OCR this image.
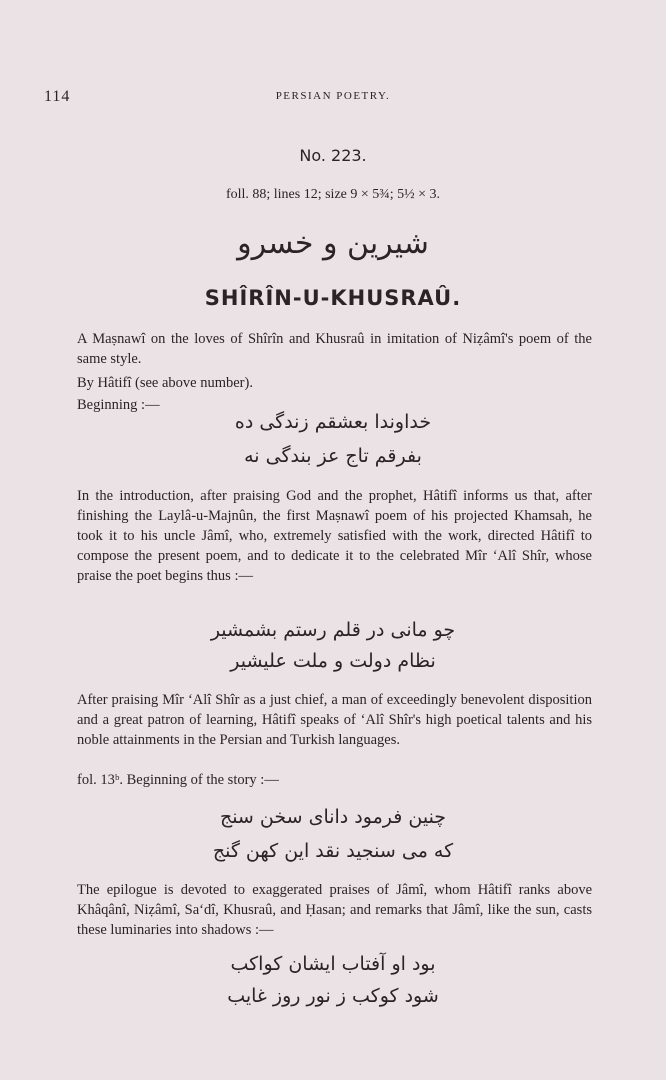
114	PERSIAN POETRY.
No. 223.
foll. 88; lines 12; size 9 × 5¾; 5½ × 3.
شیرین و خسرو
SHÎRÎN-U-KHUSRAÛ.
A Maṣnawî on the loves of Shîrîn and Khusraû in imitation of Niẓâmî's poem of the same style.
By Hâtifî (see above number).
Beginning :—
خداوندا بعشقم زندگی ده
بفرقم تاج عز بندگی نه
In the introduction, after praising God and the prophet, Hâtifî informs us that, after finishing the Laylâ-u-Majnûn, the first Maṣnawî poem of his projected Khamsah, he took it to his uncle Jâmî, who, extremely satisfied with the work, directed Hâtifî to compose the present poem, and to dedicate it to the celebrated Mîr ʻAlî Shîr, whose praise the poet begins thus :—
چو مانی در قلم رستم بشمشیر
نظام دولت و ملت علیشیر
After praising Mîr ʻAlî Shîr as a just chief, a man of exceedingly benevolent disposition and a great patron of learning, Hâtifî speaks of ʻAlî Shîr's high poetical talents and his noble attainments in the Persian and Turkish languages.
fol. 13ᵇ. Beginning of the story :—
چنین فرمود دانای سخن سنج
که می سنجید نقد این کهن گنج
The epilogue is devoted to exaggerated praises of Jâmî, whom Hâtifî ranks above Khâqânî, Niẓâmî, Saʻdî, Khusraû, and Ḥasan; and remarks that Jâmî, like the sun, casts these luminaries into shadows :—
بود او آفتاب ایشان کواکب
شود کوکب ز نور روز غایب
